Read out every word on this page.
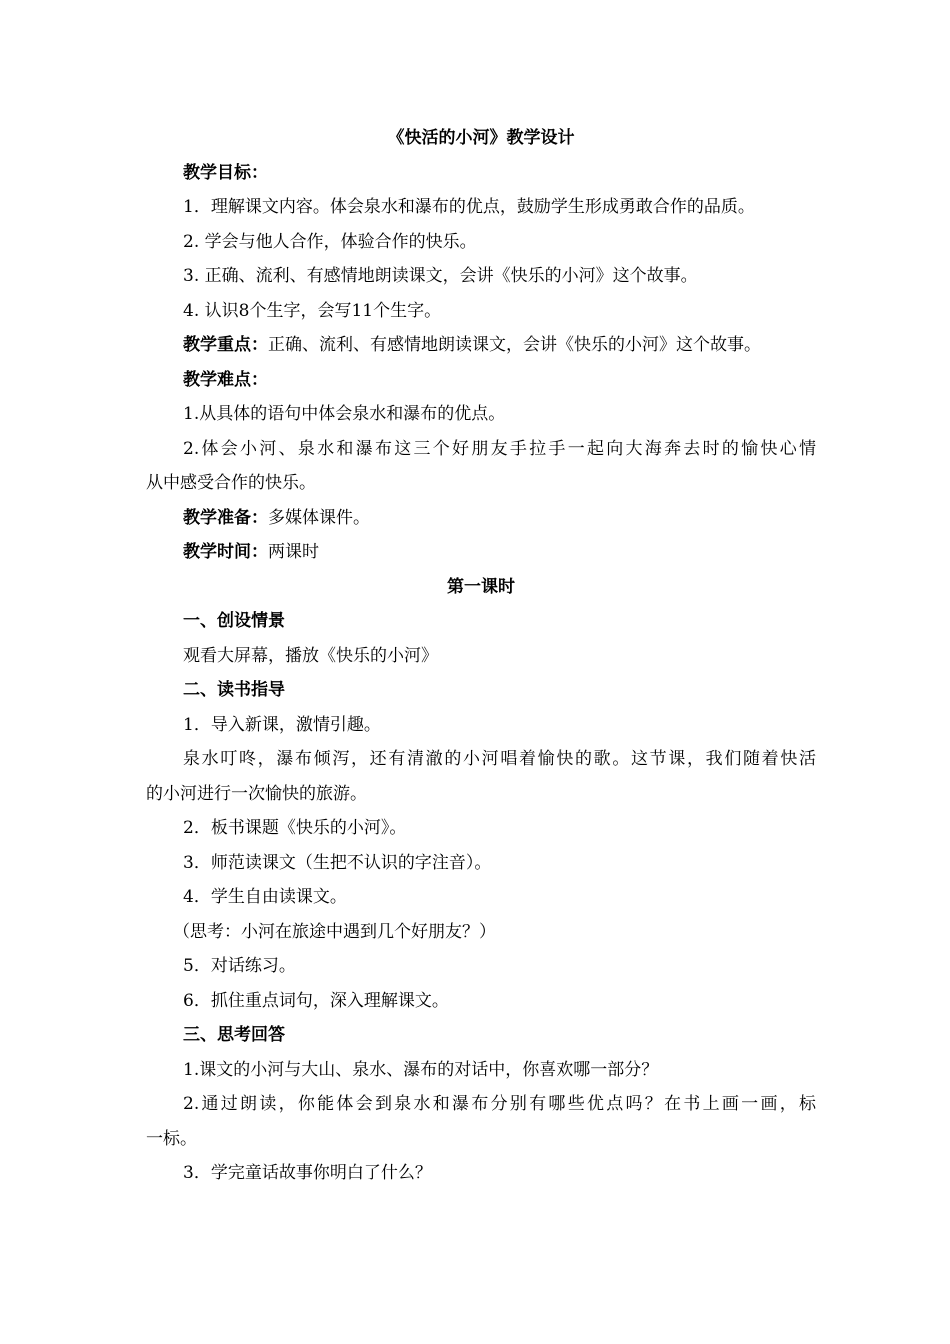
《快活的小河》教学设计
教学目标：
1．理解课文内容。体会泉水和瀑布的优点，鼓励学生形成勇敢合作的品质。
2. 学会与他人合作，体验合作的快乐。
3. 正确、流利、有感情地朗读课文，会讲《快乐的小河》这个故事。
4. 认识8个生字，会写11个生字。
教学重点：正确、流利、有感情地朗读课文，会讲《快乐的小河》这个故事。
教学难点：
1.从具体的语句中体会泉水和瀑布的优点。
2.体会小河、泉水和瀑布这三个好朋友手拉手一起向大海奔去时的愉快心情
从中感受合作的快乐。
教学准备：多媒体课件。
教学时间：两课时
第一课时
一、创设情景
观看大屏幕，播放《快乐的小河》
二、读书指导
1．导入新课，激情引趣。
泉水叮咚，瀑布倾泻，还有清澈的小河唱着愉快的歌。这节课，我们随着快活
的小河进行一次愉快的旅游。
2．板书课题《快乐的小河》。
3．师范读课文（生把不认识的字注音）。
4．学生自由读课文。
（思考：小河在旅途中遇到几个好朋友？）
5．对话练习。
6．抓住重点词句，深入理解课文。
三、思考回答
1.课文的小河与大山、泉水、瀑布的对话中，你喜欢哪一部分？
2.通过朗读，你能体会到泉水和瀑布分别有哪些优点吗？在书上画一画，标
一标。
3．学完童话故事你明白了什么？
